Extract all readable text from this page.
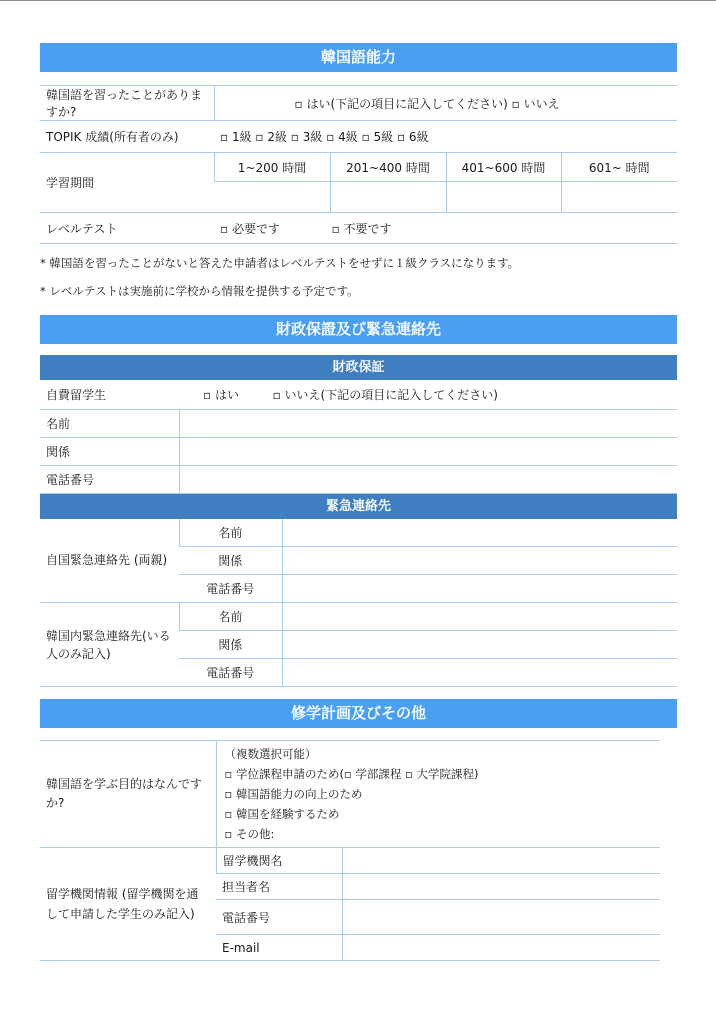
韓国語能力
韓国語を習ったことがありますか?	▫ はい(下記の項目に記入してください) ▫ いいえ			
TOPIK 成績(所有者のみ)	▫ 1級 ▫ 2級 ▫ 3級 ▫ 4級 ▫ 5級 ▫ 6級			
学習期間	1~200 時間	201~400 時間	401~600 時間	601~ 時間

レベルテスト	▫ 必要です ▫ 不要です			
* 韓国語を習ったことがないと答えた申請者はレベルテストをせずに１級クラスになります。
* レベルテストは実施前に学校から情報を提供する予定です。
財政保證及び緊急連絡先
財政保証
自費留学生	▫ はい ▫ いいえ(下記の項目に記入してください)
名前	
関係	
電話番号	
緊急連絡先
自国緊急連絡先 (両親)	名前	
	関係	
	電話番号	
韓国内緊急連絡先(いる人のみ記入)	名前	
	関係	
	電話番号	
修学計画及びその他
韓国語を学ぶ目的はなんですか?	（複数選択可能）
▫ 学位課程申請のため(▫ 学部課程 ▫ 大学院課程)
▫ 韓国語能力の向上のため
▫ 韓国を経験するため
▫ その他:	

留学機関情報 (留学機関を通して申請した学生のみ記入)	留学機関名	
	担当者名	
	電話番号	
	E-mail	
